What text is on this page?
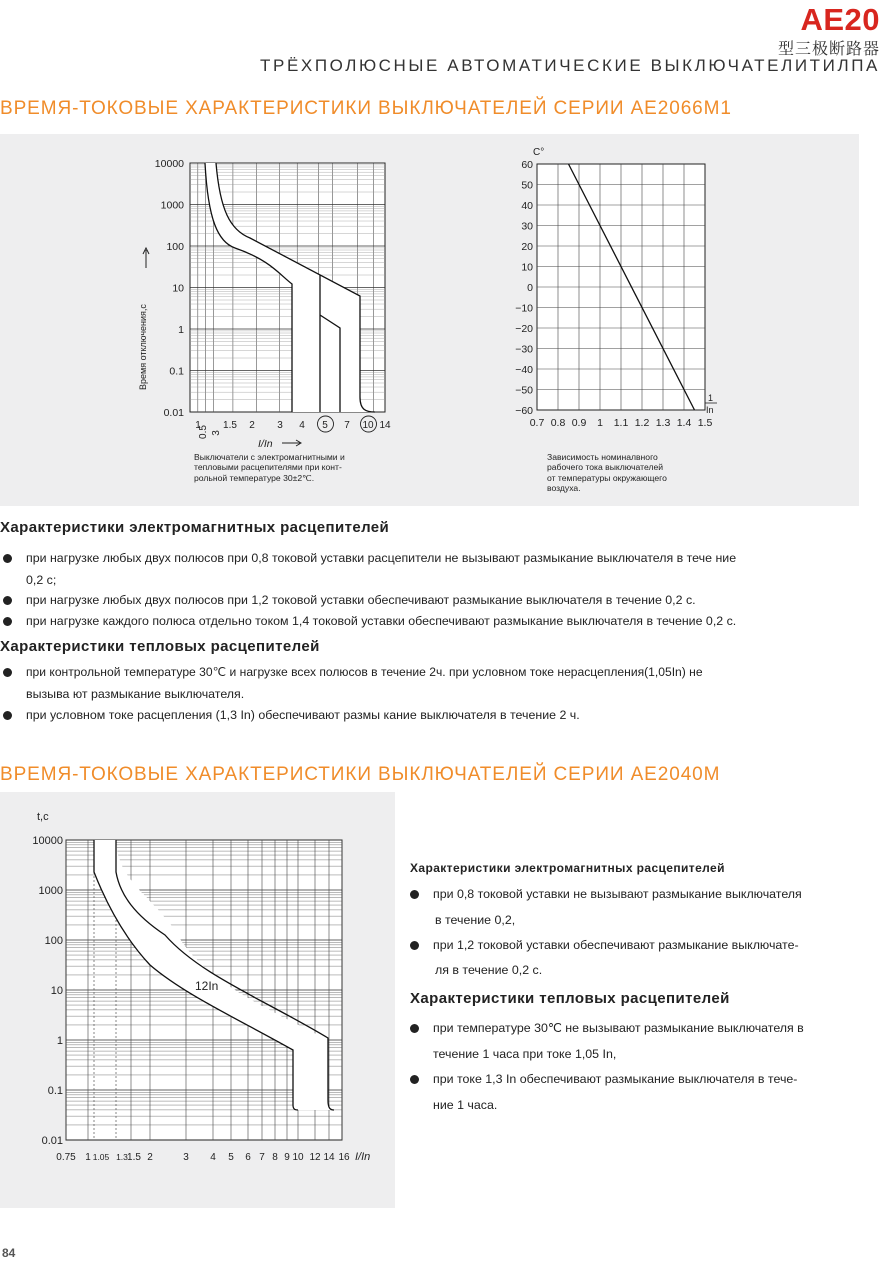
AE20
型三极断路器
ТРЁХПОЛЮСНЫЕ АВТОМАТИЧЕСКИЕ ВЫКЛЮЧАТЕЛИТИЛПА
ВРЕМЯ-ТОКОВЫЕ ХАРАКТЕРИСТИКИ ВЫКЛЮЧАТЕЛЕЙ СЕРИИ AE2066M1
10000
1000
100
10
1
0.1
0.01
1
0.5 3
1.5 2 3 4 5 7 10 14
Время отключения,с
I/In
Выключатели с электромагнитными и
тепловыми расцепителями при конт-
рольной температуре 30±2℃.
60
50
40
30
20
10
0
−10
−20
−30
−40
−50
−60
0.7 0.8 0.9 1 1.1 1.2 1.3 1.4 1.5
C°
1
In
Зависимость номиналвного
рабочего тока выключателей
от температуры окружающего
воздуха.
Характеристики электромагнитных расцепителей
при нагрузке любых двух полюсов при 0,8 токовой уставки расцепители не вызывают размыкание выключателя в тече ние
0,2 с;
при нагрузке любых двух полюсов при 1,2 токовой уставки обеспечивают размыкание выключателя в течение 0,2 с.
при нагрузке каждого полюса отдельно током 1,4 токовой уставки обеспечивают размыкание выключателя в течение 0,2 с.
Характеристики тепловых расцепителей
при контрольной температуре 30℃ и нагрузке всех полюсов в течение 2ч. при условном токе нерасцепления(1,05In) не
вызыва ют размыкание выключателя.
при условном токе расцепления (1,3 In) обеспечивают размы кание выключателя в течение 2 ч.
ВРЕМЯ-ТОКОВЫЕ ХАРАКТЕРИСТИКИ ВЫКЛЮЧАТЕЛЕЙ СЕРИИ AE2040M
10000
1000
100
10
1
0.1
0.01
0.75 1 1.05 1.3 1.5 2	3 4 5 6 7 8 9 10 12 14 16
t,c
I/In
12In
Характеристики электромагнитных расцепителей
при 0,8 токовой уставки не вызывают размыкание выключателя
в течение 0,2,
при 1,2 токовой уставки обеспечивают размыкание выключате-
ля в течение 0,2 с.
Характеристики тепловых расцепителей
при температуре 30℃ не вызывают размыкание выключателя в
течение 1 часа при токе 1,05 In,
при токе 1,3 In обеспечивают размыкание выключателя в тече-
ние 1 часа.
84
